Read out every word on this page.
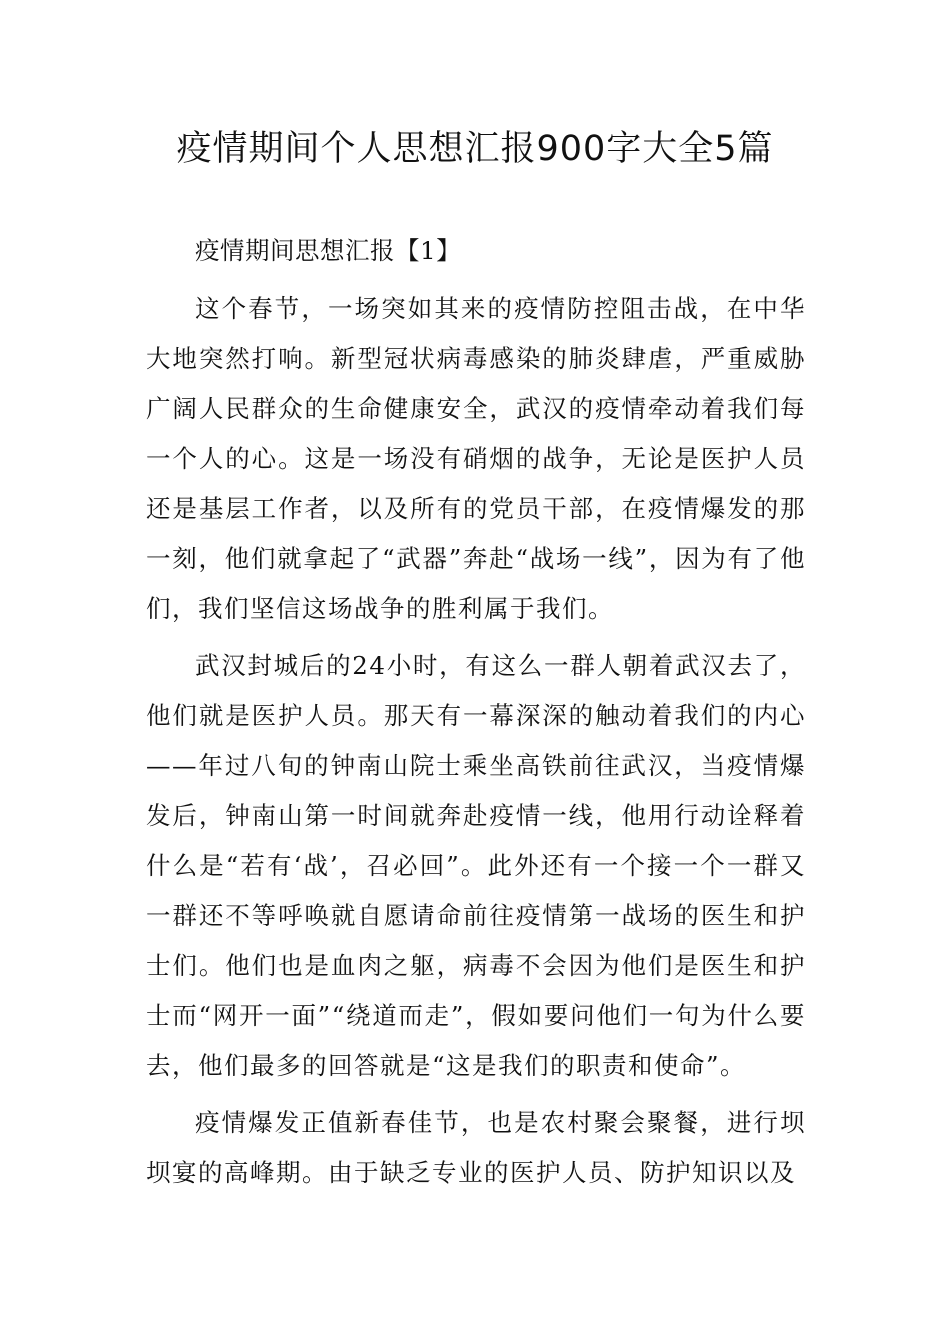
疫情期间个人思想汇报900字大全5篇

疫情期间思想汇报【1】

这个春节，一场突如其来的疫情防控阻击战，在中华大地突然打响。新型冠状病毒感染的肺炎肆虐，严重威胁广阔人民群众的生命健康安全，武汉的疫情牵动着我们每一个人的心。这是一场没有硝烟的战争，无论是医护人员还是基层工作者，以及所有的党员干部，在疫情爆发的那一刻，他们就拿起了“武器”奔赴“战场一线”，因为有了他们，我们坚信这场战争的胜利属于我们。

武汉封城后的24小时，有这么一群人朝着武汉去了，他们就是医护人员。那天有一幕深深的触动着我们的内心——年过八旬的钟南山院士乘坐高铁前往武汉，当疫情爆发后，钟南山第一时间就奔赴疫情一线，他用行动诠释着什么是“若有‘战’，召必回”。此外还有一个接一个一群又一群还不等呼唤就自愿请命前往疫情第一战场的医生和护士们。他们也是血肉之躯，病毒不会因为他们是医生和护士而“网开一面”“绕道而走”，假如要问他们一句为什么要去，他们最多的回答就是“这是我们的职责和使命”。

疫情爆发正值新春佳节，也是农村聚会聚餐，进行坝坝宴的高峰期。由于缺乏专业的医护人员、防护知识以及
